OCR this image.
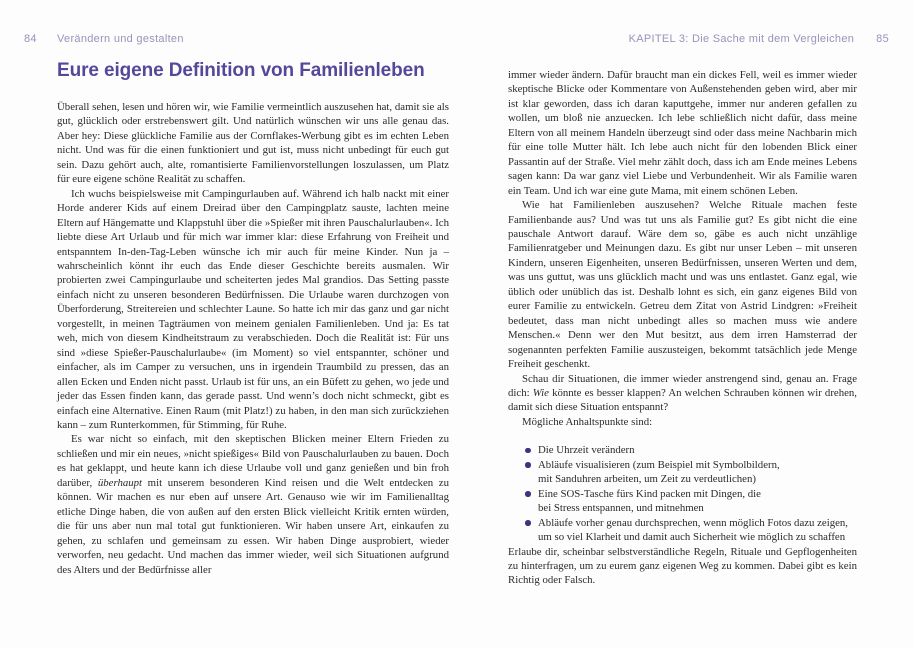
84 Verändern und gestalten	KAPITEL 3: Die Sache mit dem Vergleichen 85
Eure eigene Definition von Familienleben

Überall sehen, lesen und hören wir, wie Familie vermeintlich auszusehen hat, damit sie als gut, glücklich oder erstrebenswert gilt. Und natürlich wünschen wir uns alle genau das. Aber hey: Diese glückliche Familie aus der Cornflakes-Werbung gibt es im echten Leben nicht. Und was für die einen funktioniert und gut ist, muss nicht unbedingt für euch gut sein. Dazu gehört auch, alte, romantisierte Familienvorstellungen loszulassen, um Platz für eure eigene schöne Realität zu schaffen.

Ich wuchs beispielsweise mit Campingurlauben auf. Während ich halb nackt mit einer Horde anderer Kids auf einem Dreirad über den Campingplatz sauste, lachten meine Eltern auf Hängematte und Klappstuhl über die »Spießer mit ihren Pauschalurlauben«. Ich liebte diese Art Urlaub und für mich war immer klar: diese Erfahrung von Freiheit und entspanntem In-den-Tag-Leben wünsche ich mir auch für meine Kinder. Nun ja – wahrscheinlich könnt ihr euch das Ende dieser Geschichte bereits ausmalen. Wir probierten zwei Campingurlaube und scheiterten jedes Mal grandios. Das Setting passte einfach nicht zu unseren besonderen Bedürfnissen. Die Urlaube waren durchzogen von Überforderung, Streitereien und schlechter Laune. So hatte ich mir das ganz und gar nicht vorgestellt, in meinen Tagträumen von meinem genialen Familienleben. Und ja: Es tat weh, mich von diesem Kindheitstraum zu verabschieden. Doch die Realität ist: Für uns sind »diese Spießer-Pauschalurlaube« (im Moment) so viel entspannter, schöner und einfacher, als im Camper zu versuchen, uns in irgendein Traumbild zu pressen, das an allen Ecken und Enden nicht passt. Urlaub ist für uns, an ein Büfett zu gehen, wo jede und jeder das Essen finden kann, das gerade passt. Und wenn’s doch nicht schmeckt, gibt es einfach eine Alternative. Einen Raum (mit Platz!) zu haben, in den man sich zurückziehen kann – zum Runterkommen, für Stimming, für Ruhe.

Es war nicht so einfach, mit den skeptischen Blicken meiner Eltern Frieden zu schließen und mir ein neues, »nicht spießiges« Bild von Pauschalurlauben zu bauen. Doch es hat geklappt, und heute kann ich diese Urlaube voll und ganz genießen und bin froh darüber, überhaupt mit unserem besonderen Kind reisen und die Welt entdecken zu können. Wir machen es nur eben auf unsere Art. Genauso wie wir im Familienalltag etliche Dinge haben, die von außen auf den ersten Blick vielleicht Kritik ernten würden, die für uns aber nun mal total gut funktionieren. Wir haben unsere Art, einkaufen zu gehen, zu schlafen und gemeinsam zu essen. Wir haben Dinge ausprobiert, wieder verworfen, neu gedacht. Und machen das immer wieder, weil sich Situationen aufgrund des Alters und der Bedürfnisse aller

immer wieder ändern. Dafür braucht man ein dickes Fell, weil es immer wieder skeptische Blicke oder Kommentare von Außenstehenden geben wird, aber mir ist klar geworden, dass ich daran kaputtgehe, immer nur anderen gefallen zu wollen, um bloß nie anzuecken. Ich lebe schließlich nicht dafür, dass meine Eltern von all meinem Handeln überzeugt sind oder dass meine Nachbarin mich für eine tolle Mutter hält. Ich lebe auch nicht für den lobenden Blick einer Passantin auf der Straße. Viel mehr zählt doch, dass ich am Ende meines Lebens sagen kann: Da war ganz viel Liebe und Verbundenheit. Wir als Familie waren ein Team. Und ich war eine gute Mama, mit einem schönen Leben.

Wie hat Familienleben auszusehen? Welche Rituale machen feste Familienbande aus? Und was tut uns als Familie gut? Es gibt nicht die eine pauschale Antwort darauf. Wäre dem so, gäbe es auch nicht unzählige Familienratgeber und Meinungen dazu. Es gibt nur unser Leben – mit unseren Kindern, unseren Eigenheiten, unseren Bedürfnissen, unseren Werten und dem, was uns guttut, was uns glücklich macht und was uns entlastet. Ganz egal, wie üblich oder unüblich das ist. Deshalb lohnt es sich, ein ganz eigenes Bild von eurer Familie zu entwickeln. Getreu dem Zitat von Astrid Lindgren: »Freiheit bedeutet, dass man nicht unbedingt alles so machen muss wie andere Menschen.« Denn wer den Mut besitzt, aus dem irren Hamsterrad der sogenannten perfekten Familie auszusteigen, bekommt tatsächlich jede Menge Freiheit geschenkt.

Schau dir Situationen, die immer wieder anstrengend sind, genau an. Frage dich: Wie könnte es besser klappen? An welchen Schrauben können wir drehen, damit sich diese Situation entspannt?

Mögliche Anhaltspunkte sind:

Die Uhrzeit verändern
Abläufe visualisieren (zum Beispiel mit Symbolbildern,
mit Sanduhren arbeiten, um Zeit zu verdeutlichen)
Eine SOS-Tasche fürs Kind packen mit Dingen, die
bei Stress entspannen, und mitnehmen
Abläufe vorher genau durchsprechen, wenn möglich Fotos dazu zeigen,
um so viel Klarheit und damit auch Sicherheit wie möglich zu schaffen

Erlaube dir, scheinbar selbstverständliche Regeln, Rituale und Gepflogenheiten zu hinterfragen, um zu eurem ganz eigenen Weg zu kommen. Dabei gibt es kein Richtig oder Falsch.
